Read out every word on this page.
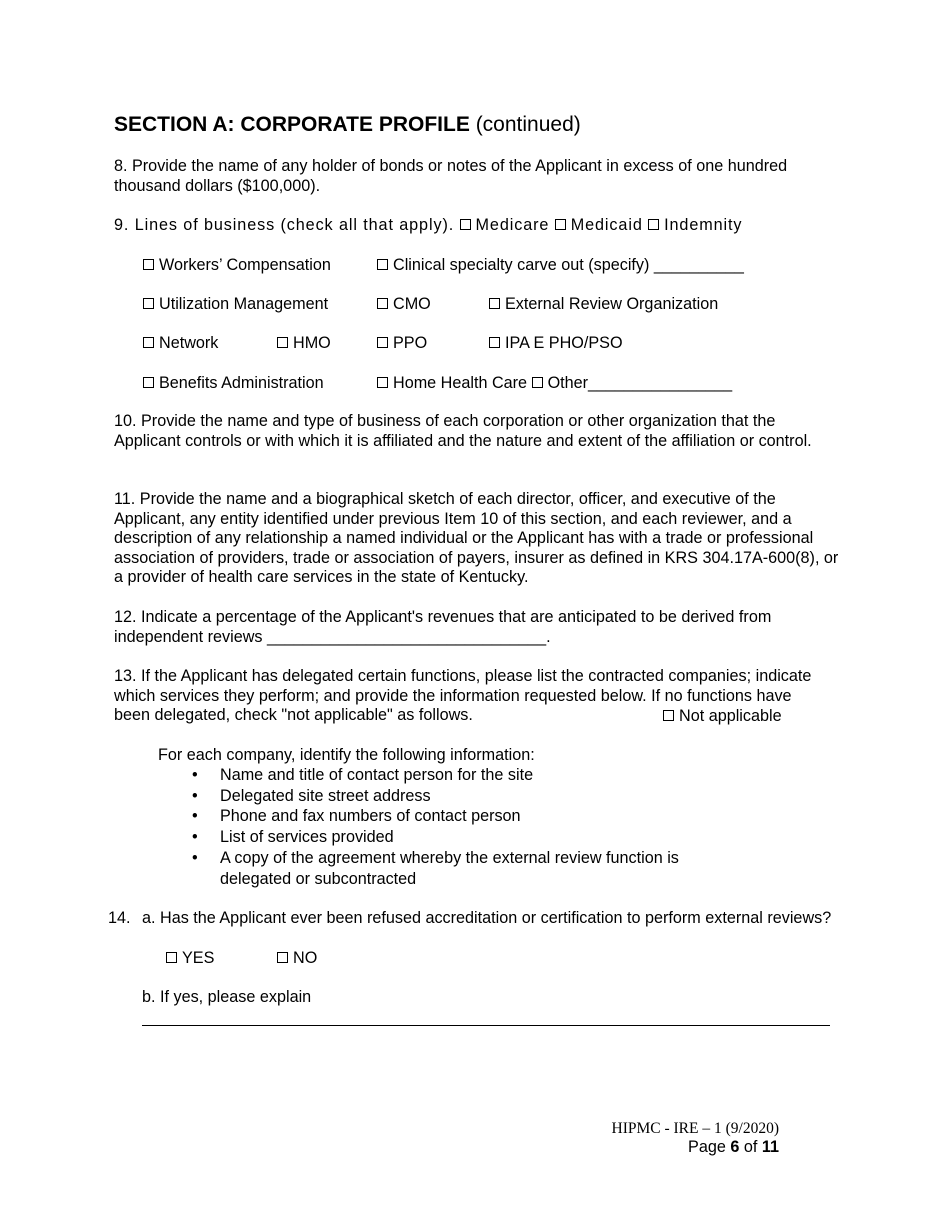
SECTION A: CORPORATE PROFILE (continued)
8. Provide the name of any holder of bonds or notes of the Applicant in excess of one hundred thousand dollars ($100,000).
9. Lines of business (check all that apply). Medicare Medicaid Indemnity
Workers’ Compensation	Clinical specialty carve out (specify) __________
Utilization Management	CMO	External Review Organization
Network	HMO	PPO	IPA E PHO/PSO
Benefits Administration	Home Health Care Other________________
10. Provide the name and type of business of each corporation or other organization that the Applicant controls or with which it is affiliated and the nature and extent of the affiliation or control.
11. Provide the name and a biographical sketch of each director, officer, and executive of the Applicant, any entity identified under previous Item 10 of this section, and each reviewer, and a description of any relationship a named individual or the Applicant has with a trade or professional association of providers, trade or association of payers, insurer as defined in KRS 304.17A-600(8), or a provider of health care services in the state of Kentucky.
12. Indicate a percentage of the Applicant's revenues that are anticipated to be derived from independent reviews _______________________________.
13. If the Applicant has delegated certain functions, please list the contracted companies; indicate which services they perform; and provide the information requested below. If no functions have been delegated, check "not applicable" as follows.	Not applicable
For each company, identify the following information:
• Name and title of contact person for the site
• Delegated site street address
• Phone and fax numbers of contact person
• List of services provided
• A copy of the agreement whereby the external review function is delegated or subcontracted
14. a. Has the Applicant ever been refused accreditation or certification to perform external reviews?
YES	NO
b. If yes, please explain
HIPMC - IRE – 1 (9/2020)
Page 6 of 11
